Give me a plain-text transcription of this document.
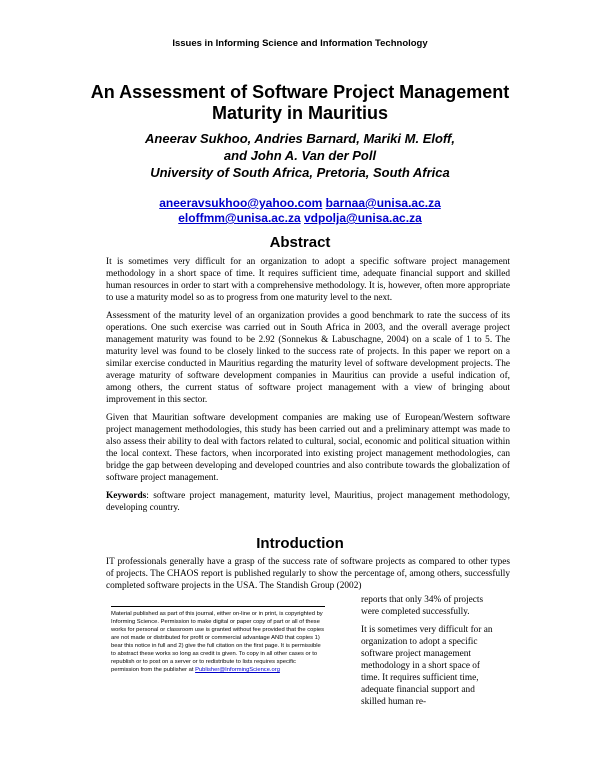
Issues in Informing Science and Information Technology
An Assessment of Software Project Management
Maturity in Mauritius
Aneerav Sukhoo, Andries Barnard, Mariki M. Eloff,
and John A. Van der Poll
University of South Africa, Pretoria, South Africa
aneeravsukhoo@yahoo.com barnaa@unisa.ac.za
eloffmm@unisa.ac.za vdpolja@unisa.ac.za
Abstract

It is sometimes very difficult for an organization to adopt a specific software project management methodology in a short space of time. It requires sufficient time, adequate financial support and skilled human resources in order to start with a comprehensive methodology. It is, however, often more appropriate to use a maturity model so as to progress from one maturity level to the next.

Assessment of the maturity level of an organization provides a good benchmark to rate the success of its operations. One such exercise was carried out in South Africa in 2003, and the overall average project management maturity was found to be 2.92 (Sonnekus & Labuschagne, 2004) on a scale of 1 to 5. The maturity level was found to be closely linked to the success rate of projects. In this paper we report on a similar exercise conducted in Mauritius regarding the maturity level of software development projects. The average maturity of software development companies in Mauritius can provide a useful indication of, among others, the current status of software project management with a view of bringing about improvement in this sector.

Given that Mauritian software development companies are making use of European/Western software project management methodologies, this study has been carried out and a preliminary attempt was made to also assess their ability to deal with factors related to cultural, social, economic and political situation within the local context. These factors, when incorporated into existing project management methodologies, can bridge the gap between developing and developed countries and also contribute towards the globalization of software project management.

Keywords: software project management, maturity level, Mauritius, project management methodology, developing country.

Introduction

IT professionals generally have a grasp of the success rate of software projects as compared to other types of projects. The CHAOS report is published regularly to show the percentage of, among others, successfully completed software projects in the USA. The Standish Group (2002)

reports that only 34% of projects were completed successfully.

It is sometimes very difficult for an organization to adopt a specific software project management methodology in a short space of time. It requires sufficient time, adequate financial support and skilled human re-

Material published as part of this journal, either on-line or in print, is copyrighted by Informing Science. Permission to make digital or paper copy of part or all of these works for personal or classroom use is granted without fee provided that the copies are not made or distributed for profit or commercial advantage AND that copies 1) bear this notice in full and 2) give the full citation on the first page. It is permissible to abstract these works so long as credit is given. To copy in all other cases or to republish or to post on a server or to redistribute to lists requires specific permission from the publisher at Publisher@InformingScience.org
